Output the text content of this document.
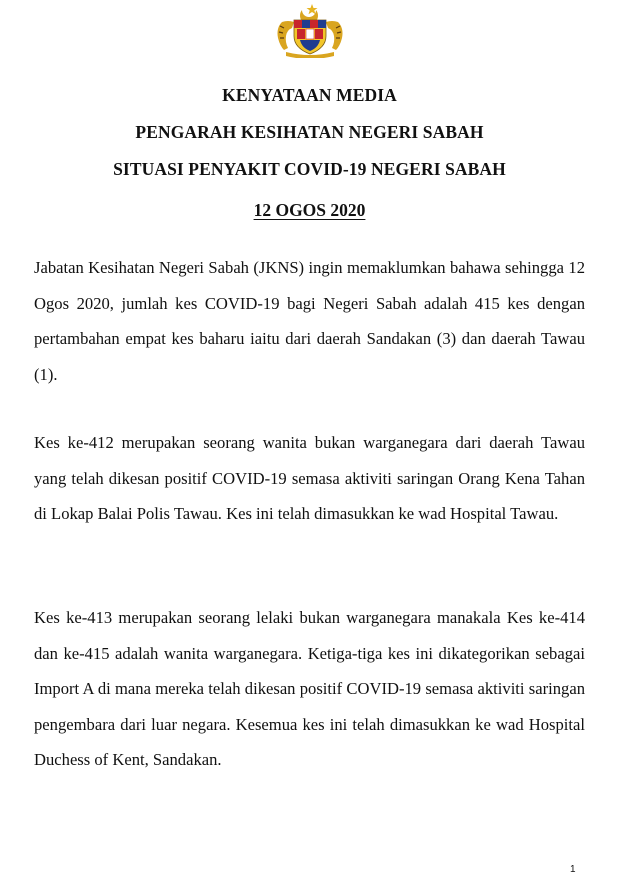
KENYATAAN MEDIA
PENGARAH KESIHATAN NEGERI SABAH
SITUASI PENYAKIT COVID-19 NEGERI SABAH
12 OGOS 2020

Jabatan Kesihatan Negeri Sabah (JKNS) ingin memaklumkan bahawa sehingga 12 Ogos 2020, jumlah kes COVID-19 bagi Negeri Sabah adalah 415 kes dengan pertambahan empat kes baharu iaitu dari daerah Sandakan (3) dan daerah Tawau (1).

Kes ke-412 merupakan seorang wanita bukan warganegara dari daerah Tawau yang telah dikesan positif COVID-19 semasa aktiviti saringan Orang Kena Tahan di Lokap Balai Polis Tawau. Kes ini telah dimasukkan ke wad Hospital Tawau.

Kes ke-413 merupakan seorang lelaki bukan warganegara manakala Kes ke-414 dan ke-415 adalah wanita warganegara. Ketiga-tiga kes ini dikategorikan sebagai Import A di mana mereka telah dikesan positif COVID-19 semasa aktiviti saringan pengembara dari luar negara. Kesemua kes ini telah dimasukkan ke wad Hospital Duchess of Kent, Sandakan.

1
